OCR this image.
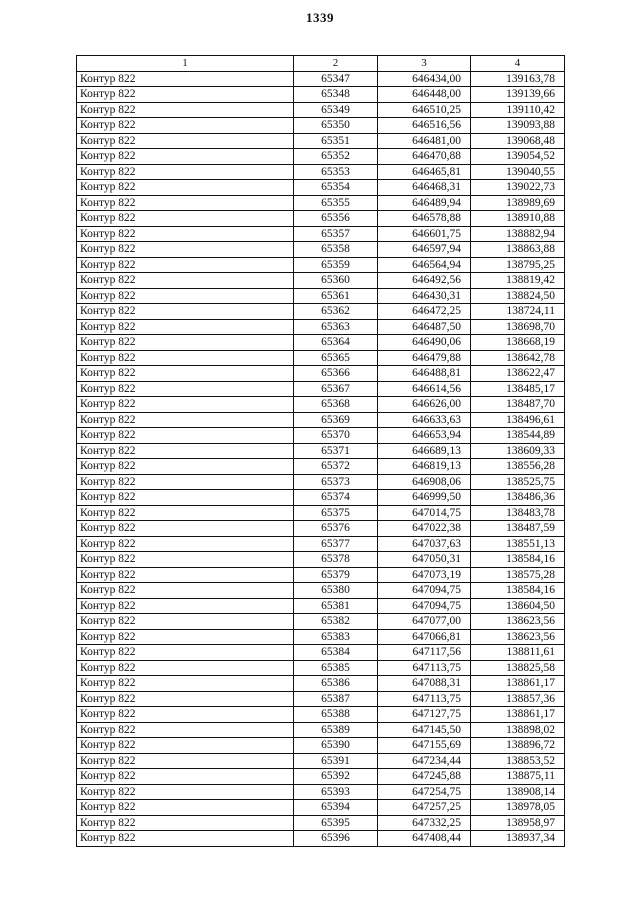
1339
1	2	3	4
Контур 822	65347	646434,00	139163,78
Контур 822	65348	646448,00	139139,66
Контур 822	65349	646510,25	139110,42
Контур 822	65350	646516,56	139093,88
Контур 822	65351	646481,00	139068,48
Контур 822	65352	646470,88	139054,52
Контур 822	65353	646465,81	139040,55
Контур 822	65354	646468,31	139022,73
Контур 822	65355	646489,94	138989,69
Контур 822	65356	646578,88	138910,88
Контур 822	65357	646601,75	138882,94
Контур 822	65358	646597,94	138863,88
Контур 822	65359	646564,94	138795,25
Контур 822	65360	646492,56	138819,42
Контур 822	65361	646430,31	138824,50
Контур 822	65362	646472,25	138724,11
Контур 822	65363	646487,50	138698,70
Контур 822	65364	646490,06	138668,19
Контур 822	65365	646479,88	138642,78
Контур 822	65366	646488,81	138622,47
Контур 822	65367	646614,56	138485,17
Контур 822	65368	646626,00	138487,70
Контур 822	65369	646633,63	138496,61
Контур 822	65370	646653,94	138544,89
Контур 822	65371	646689,13	138609,33
Контур 822	65372	646819,13	138556,28
Контур 822	65373	646908,06	138525,75
Контур 822	65374	646999,50	138486,36
Контур 822	65375	647014,75	138483,78
Контур 822	65376	647022,38	138487,59
Контур 822	65377	647037,63	138551,13
Контур 822	65378	647050,31	138584,16
Контур 822	65379	647073,19	138575,28
Контур 822	65380	647094,75	138584,16
Контур 822	65381	647094,75	138604,50
Контур 822	65382	647077,00	138623,56
Контур 822	65383	647066,81	138623,56
Контур 822	65384	647117,56	138811,61
Контур 822	65385	647113,75	138825,58
Контур 822	65386	647088,31	138861,17
Контур 822	65387	647113,75	138857,36
Контур 822	65388	647127,75	138861,17
Контур 822	65389	647145,50	138898,02
Контур 822	65390	647155,69	138896,72
Контур 822	65391	647234,44	138853,52
Контур 822	65392	647245,88	138875,11
Контур 822	65393	647254,75	138908,14
Контур 822	65394	647257,25	138978,05
Контур 822	65395	647332,25	138958,97
Контур 822	65396	647408,44	138937,34
